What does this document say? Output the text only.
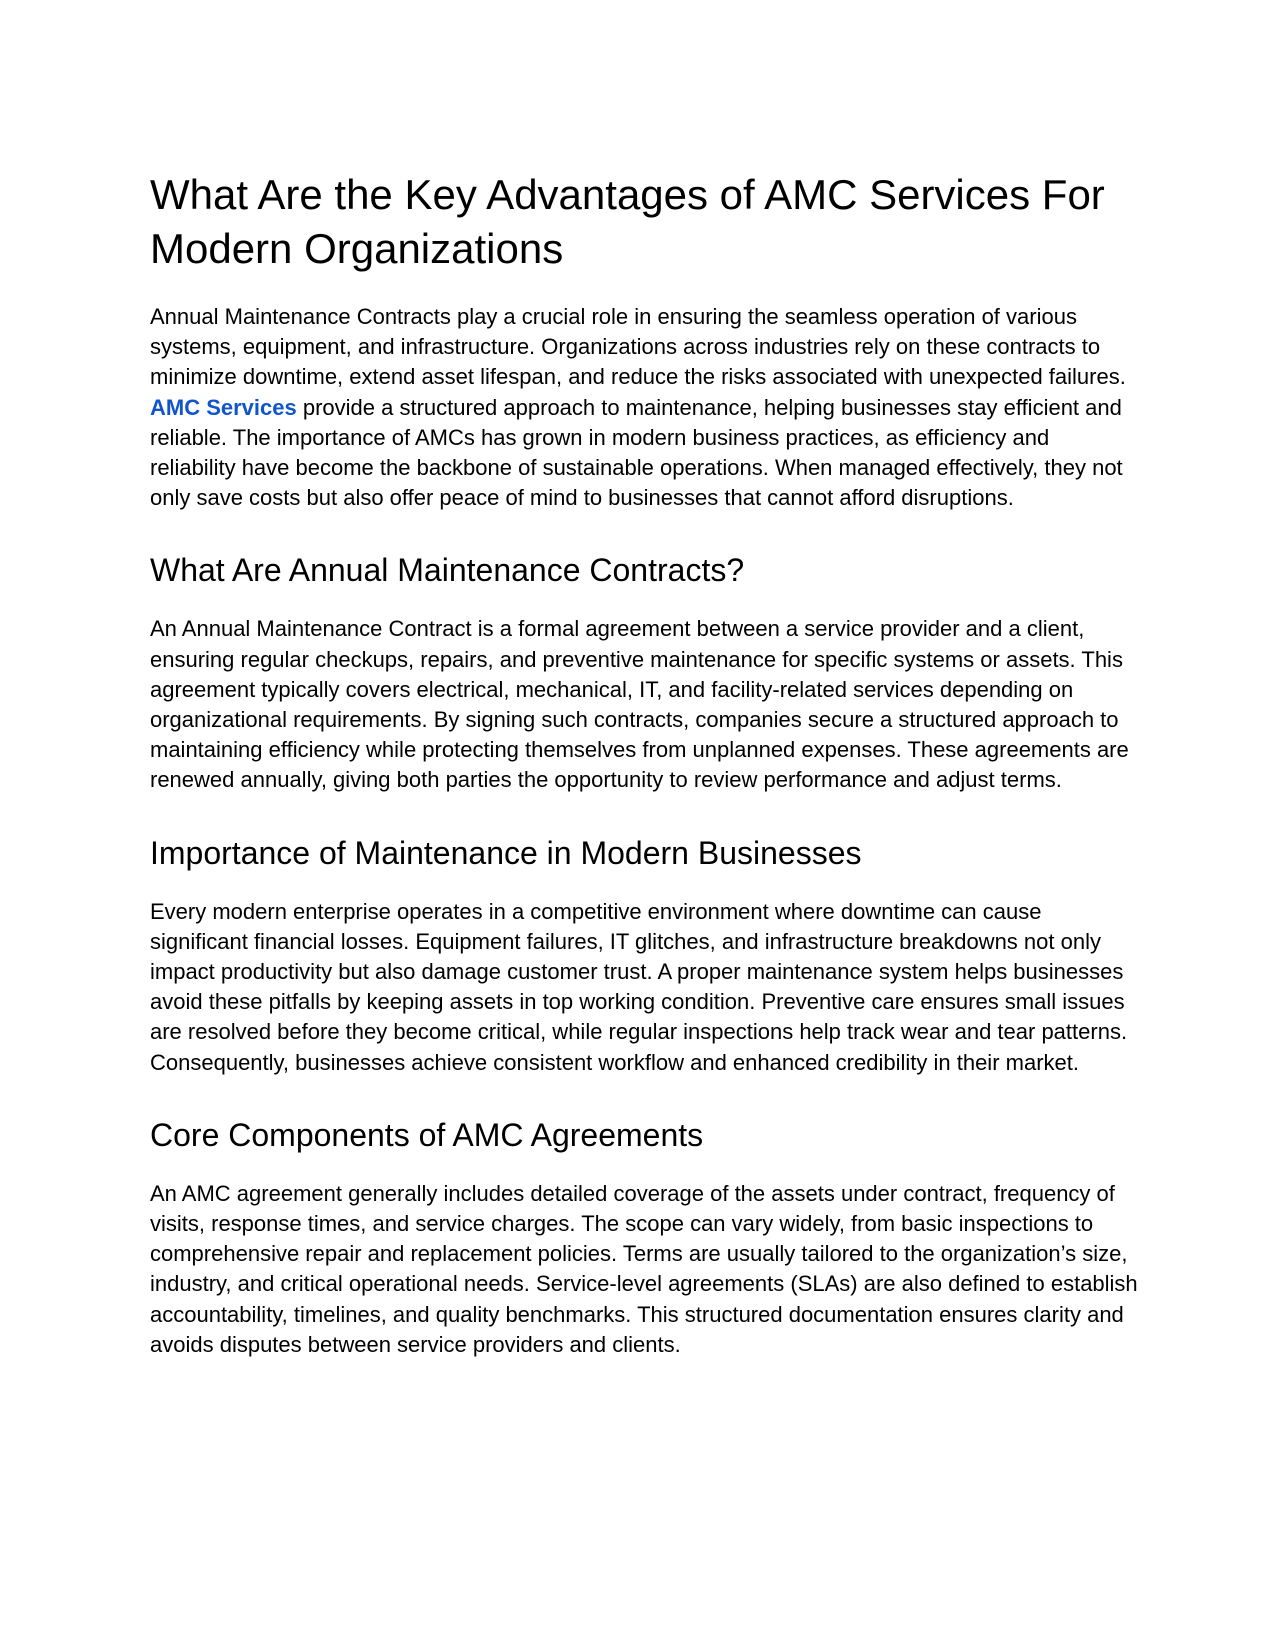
What Are the Key Advantages of AMC Services For Modern Organizations

Annual Maintenance Contracts play a crucial role in ensuring the seamless operation of various systems, equipment, and infrastructure. Organizations across industries rely on these contracts to minimize downtime, extend asset lifespan, and reduce the risks associated with unexpected failures. AMC Services provide a structured approach to maintenance, helping businesses stay efficient and reliable. The importance of AMCs has grown in modern business practices, as efficiency and reliability have become the backbone of sustainable operations. When managed effectively, they not only save costs but also offer peace of mind to businesses that cannot afford disruptions.

What Are Annual Maintenance Contracts?

An Annual Maintenance Contract is a formal agreement between a service provider and a client, ensuring regular checkups, repairs, and preventive maintenance for specific systems or assets. This agreement typically covers electrical, mechanical, IT, and facility-related services depending on organizational requirements. By signing such contracts, companies secure a structured approach to maintaining efficiency while protecting themselves from unplanned expenses. These agreements are renewed annually, giving both parties the opportunity to review performance and adjust terms.

Importance of Maintenance in Modern Businesses

Every modern enterprise operates in a competitive environment where downtime can cause significant financial losses. Equipment failures, IT glitches, and infrastructure breakdowns not only impact productivity but also damage customer trust. A proper maintenance system helps businesses avoid these pitfalls by keeping assets in top working condition. Preventive care ensures small issues are resolved before they become critical, while regular inspections help track wear and tear patterns. Consequently, businesses achieve consistent workflow and enhanced credibility in their market.

Core Components of AMC Agreements

An AMC agreement generally includes detailed coverage of the assets under contract, frequency of visits, response times, and service charges. The scope can vary widely, from basic inspections to comprehensive repair and replacement policies. Terms are usually tailored to the organization’s size, industry, and critical operational needs. Service-level agreements (SLAs) are also defined to establish accountability, timelines, and quality benchmarks. This structured documentation ensures clarity and avoids disputes between service providers and clients.
